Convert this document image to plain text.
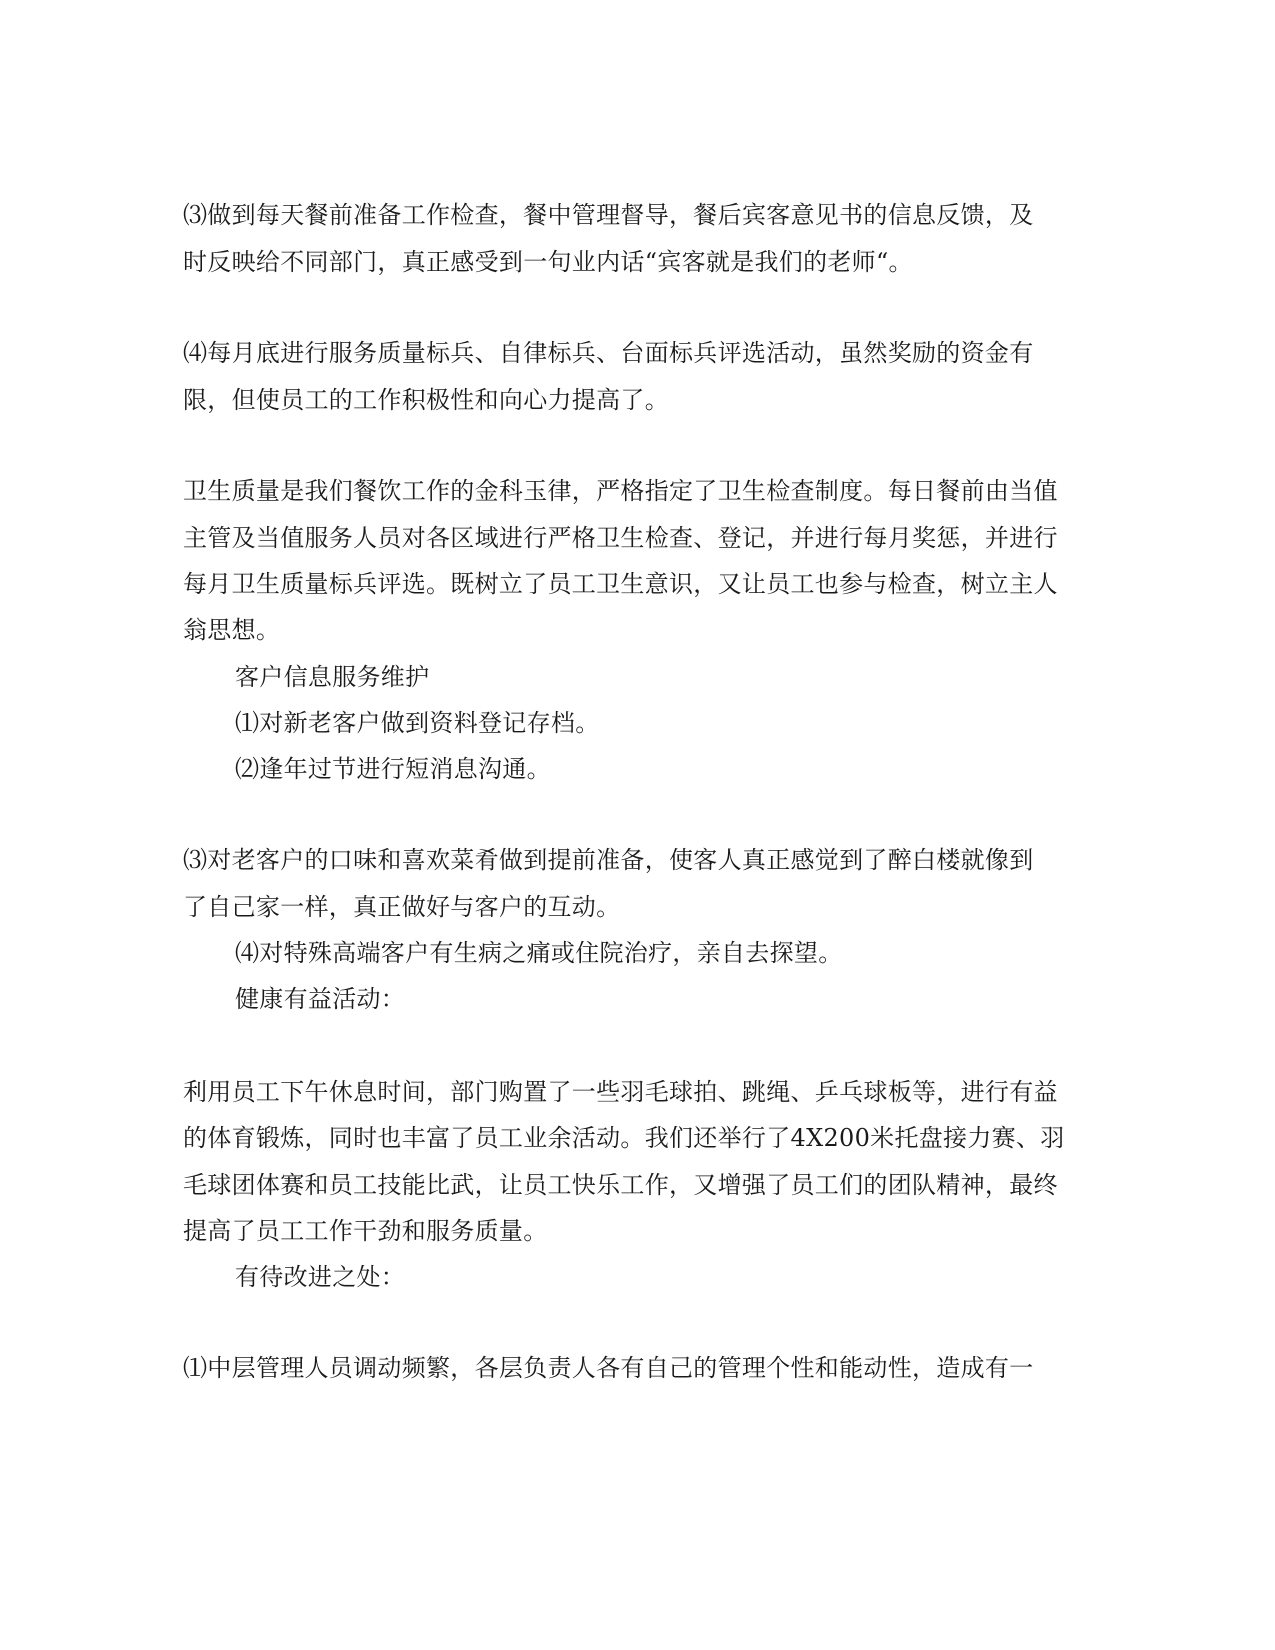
⑶做到每天餐前准备工作检查，餐中管理督导，餐后宾客意见书的信息反馈，及
时反映给不同部门，真正感受到一句业内话“宾客就是我们的老师“。
⑷每月底进行服务质量标兵、自律标兵、台面标兵评选活动，虽然奖励的资金有
限，但使员工的工作积极性和向心力提高了。
卫生质量是我们餐饮工作的金科玉律，严格指定了卫生检查制度。每日餐前由当值
主管及当值服务人员对各区域进行严格卫生检查、登记，并进行每月奖惩，并进行
每月卫生质量标兵评选。既树立了员工卫生意识，又让员工也参与检查，树立主人
翁思想。
客户信息服务维护
⑴对新老客户做到资料登记存档。
⑵逢年过节进行短消息沟通。
⑶对老客户的口味和喜欢菜肴做到提前准备，使客人真正感觉到了醉白楼就像到
了自己家一样，真正做好与客户的互动。
⑷对特殊高端客户有生病之痛或住院治疗，亲自去探望。
健康有益活动：
利用员工下午休息时间，部门购置了一些羽毛球拍、跳绳、乒乓球板等，进行有益
的体育锻炼，同时也丰富了员工业余活动。我们还举行了4X200米托盘接力赛、羽
毛球团体赛和员工技能比武，让员工快乐工作，又增强了员工们的团队精神，最终
提高了员工工作干劲和服务质量。
有待改进之处：
⑴中层管理人员调动频繁，各层负责人各有自己的管理个性和能动性，造成有一
